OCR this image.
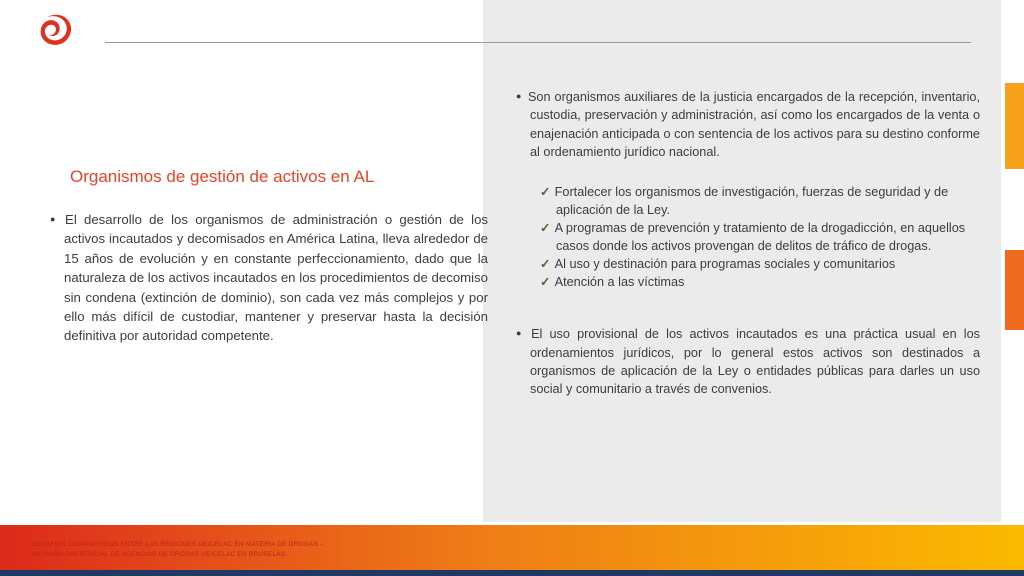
Organismos de gestión de activos en AL
● El desarrollo de los organismos de administración o gestión de los activos incautados y decomisados en América Latina, lleva alrededor de 15 años de evolución y en constante perfeccionamiento, dado que la naturaleza de los activos incautados en los procedimientos de decomiso sin condena (extinción de dominio), son cada vez más complejos y por ello más difícil de custodiar, mantener y preservar hasta la decisión definitiva por autoridad competente.
● Son organismos auxiliares de la justicia encargados de la recepción, inventario, custodia, preservación y administración, así como los encargados de la venta o enajenación anticipada o con sentencia de los activos para su destino conforme al ordenamiento jurídico nacional.
✓ Fortalecer los organismos de investigación, fuerzas de seguridad y de aplicación de la Ley.
✓ A programas de prevención y tratamiento de la drogadicción, en aquellos casos donde los activos provengan de delitos de tráfico de drogas.
✓ Al uso y destinación para programas sociales y comunitarios
✓ Atención a las víctimas
● El uso provisional de los activos incautados es una práctica usual en los ordenamientos jurídicos, por lo general estos activos son destinados a organismos de aplicación de la Ley o entidades públicas para darles un uso social y comunitario a través de convenios.
DESAFÍOS COMPARTIDOS ENTRE LAS REGIONES UE/CELAC EN MATERIA DE DROGAS -
REUNIÓN PRESENCIAL DE AGENCIAS DE DROGAS UE/CELAC EN BRUSELAS.
